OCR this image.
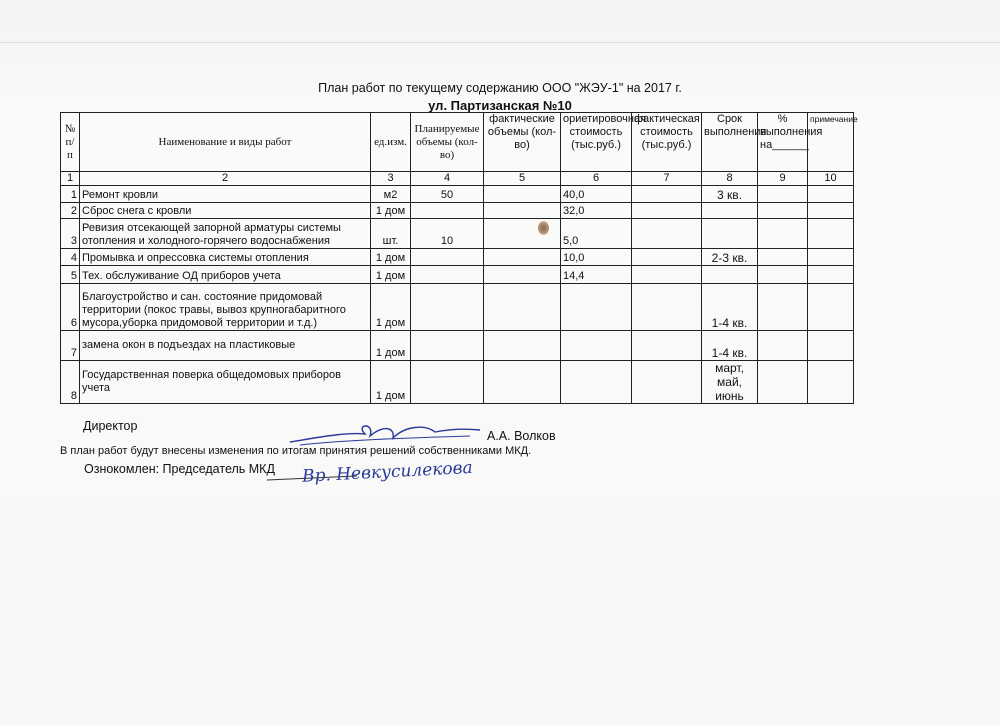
План работ по текущему содержанию ООО "ЖЭУ-1" на 2017 г.
ул. Партизанская №10
№ п/п	Наименование и виды работ	ед.изм.	Планируемые объемы (кол-во)	фактические объемы (кол-во)	ориетировочная стоимость (тыс.руб.)	фактическая стоимость (тыс.руб.)	Срок выполнения	% выполнения на______	примечание
1	2	3	4	5	6	7	8	9	10
1	Ремонт кровли	м2	50		40,0		3 кв.		
2	Сброс снега с кровли	1 дом			32,0				
3	Ревизия отсекающей запорной арматуры системы отопления и холодного-горячего водоснабжения	шт.	10		5,0				
4	Промывка и опрессовка системы отопления	1 дом			10,0		2-3 кв.		
5	Тех. обслуживание ОД приборов учета	1 дом			14,4				
6	Благоустройство и сан. состояние придомовай территории (покос травы, вывоз крупногабаритного мусора,уборка придомовой территории и т.д.)	1 дом					1-4 кв.		
7	замена окон в подъездах на пластиковые	1 дом					1-4 кв.		
8	Государственная поверка общедомовых приборов учета	1 дом					март, май, июнь		
Директор
А.А. Волков
В план работ будут внесены изменения по итогам принятия решений собственниками МКД.
Ознокомлен: Председатель МКД Вр. Невкусилекова
